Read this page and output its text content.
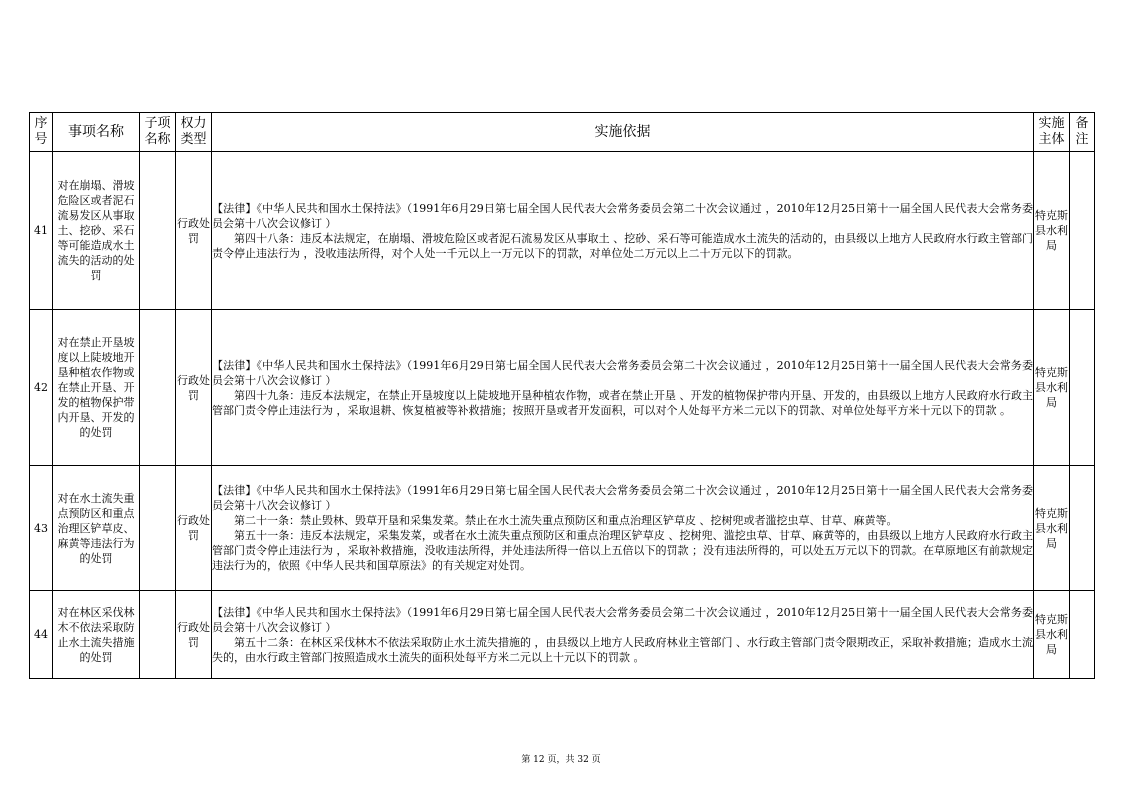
序号	事项名称	子项名称	权力类型	实施依据	实施主体	备注
41	对在崩塌、滑坡危险区或者泥石流易发区从事取土、挖砂、采石等可能造成水土流失的活动的处罚		行政处罚	【法律】《中华人民共和国水土保持法》（1991年6月29日第七届全国人民代表大会常务委员会第二十次会议通过 ，2010年12月25日第十一届全国人民代表大会常务委员会第十八次会议修订 ）
第四十八条：违反本法规定，在崩塌、滑坡危险区或者泥石流易发区从事取土 、挖砂、采石等可能造成水土流失的活动的，由县级以上地方人民政府水行政主管部门责令停止违法行为 ，没收违法所得，对个人处一千元以上一万元以下的罚款，对单位处二万元以上二十万元以下的罚款。	特克斯县水利局	
42	对在禁止开垦坡度以上陡坡地开垦种植农作物或在禁止开垦、开发的植物保护带内开垦、开发的的处罚		行政处罚	【法律】《中华人民共和国水土保持法》（1991年6月29日第七届全国人民代表大会常务委员会第二十次会议通过 ，2010年12月25日第十一届全国人民代表大会常务委员会第十八次会议修订 ）
第四十九条：违反本法规定，在禁止开垦坡度以上陡坡地开垦种植农作物，或者在禁止开垦 、开发的植物保护带内开垦、开发的，由县级以上地方人民政府水行政主管部门责令停止违法行为 ，采取退耕、恢复植被等补救措施；按照开垦或者开发面积，可以对个人处每平方米二元以下的罚款、对单位处每平方米十元以下的罚款 。	特克斯县水利局	
43	对在水土流失重点预防区和重点治理区铲草皮、麻黄等违法行为的处罚		行政处罚	【法律】《中华人民共和国水土保持法》（1991年6月29日第七届全国人民代表大会常务委员会第二十次会议通过 ，2010年12月25日第十一届全国人民代表大会常务委员会第十八次会议修订 ）
第二十一条：禁止毁林、毁草开垦和采集发菜。禁止在水土流失重点预防区和重点治理区铲草皮 、挖树兜或者滥挖虫草、甘草、麻黄等。
第五十一条：违反本法规定，采集发菜，或者在水土流失重点预防区和重点治理区铲草皮 、挖树兜、滥挖虫草、甘草、麻黄等的，由县级以上地方人民政府水行政主管部门责令停止违法行为 ，采取补救措施，没收违法所得，并处违法所得一倍以上五倍以下的罚款 ；没有违法所得的，可以处五万元以下的罚款。在草原地区有前款规定违法行为的，依照《中华人民共和国草原法》的有关规定对处罚。	特克斯县水利局	
44	对在林区采伐林木不依法采取防止水土流失措施的处罚		行政处罚	【法律】《中华人民共和国水土保持法》（1991年6月29日第七届全国人民代表大会常务委员会第二十次会议通过 ，2010年12月25日第十一届全国人民代表大会常务委员会第十八次会议修订 ）
第五十二条：在林区采伐林木不依法采取防止水土流失措施的 ，由县级以上地方人民政府林业主管部门 、水行政主管部门责令限期改正，采取补救措施；造成水土流失的，由水行政主管部门按照造成水土流失的面积处每平方米二元以上十元以下的罚款 。	特克斯县水利局	
第 12 页，共 32 页
